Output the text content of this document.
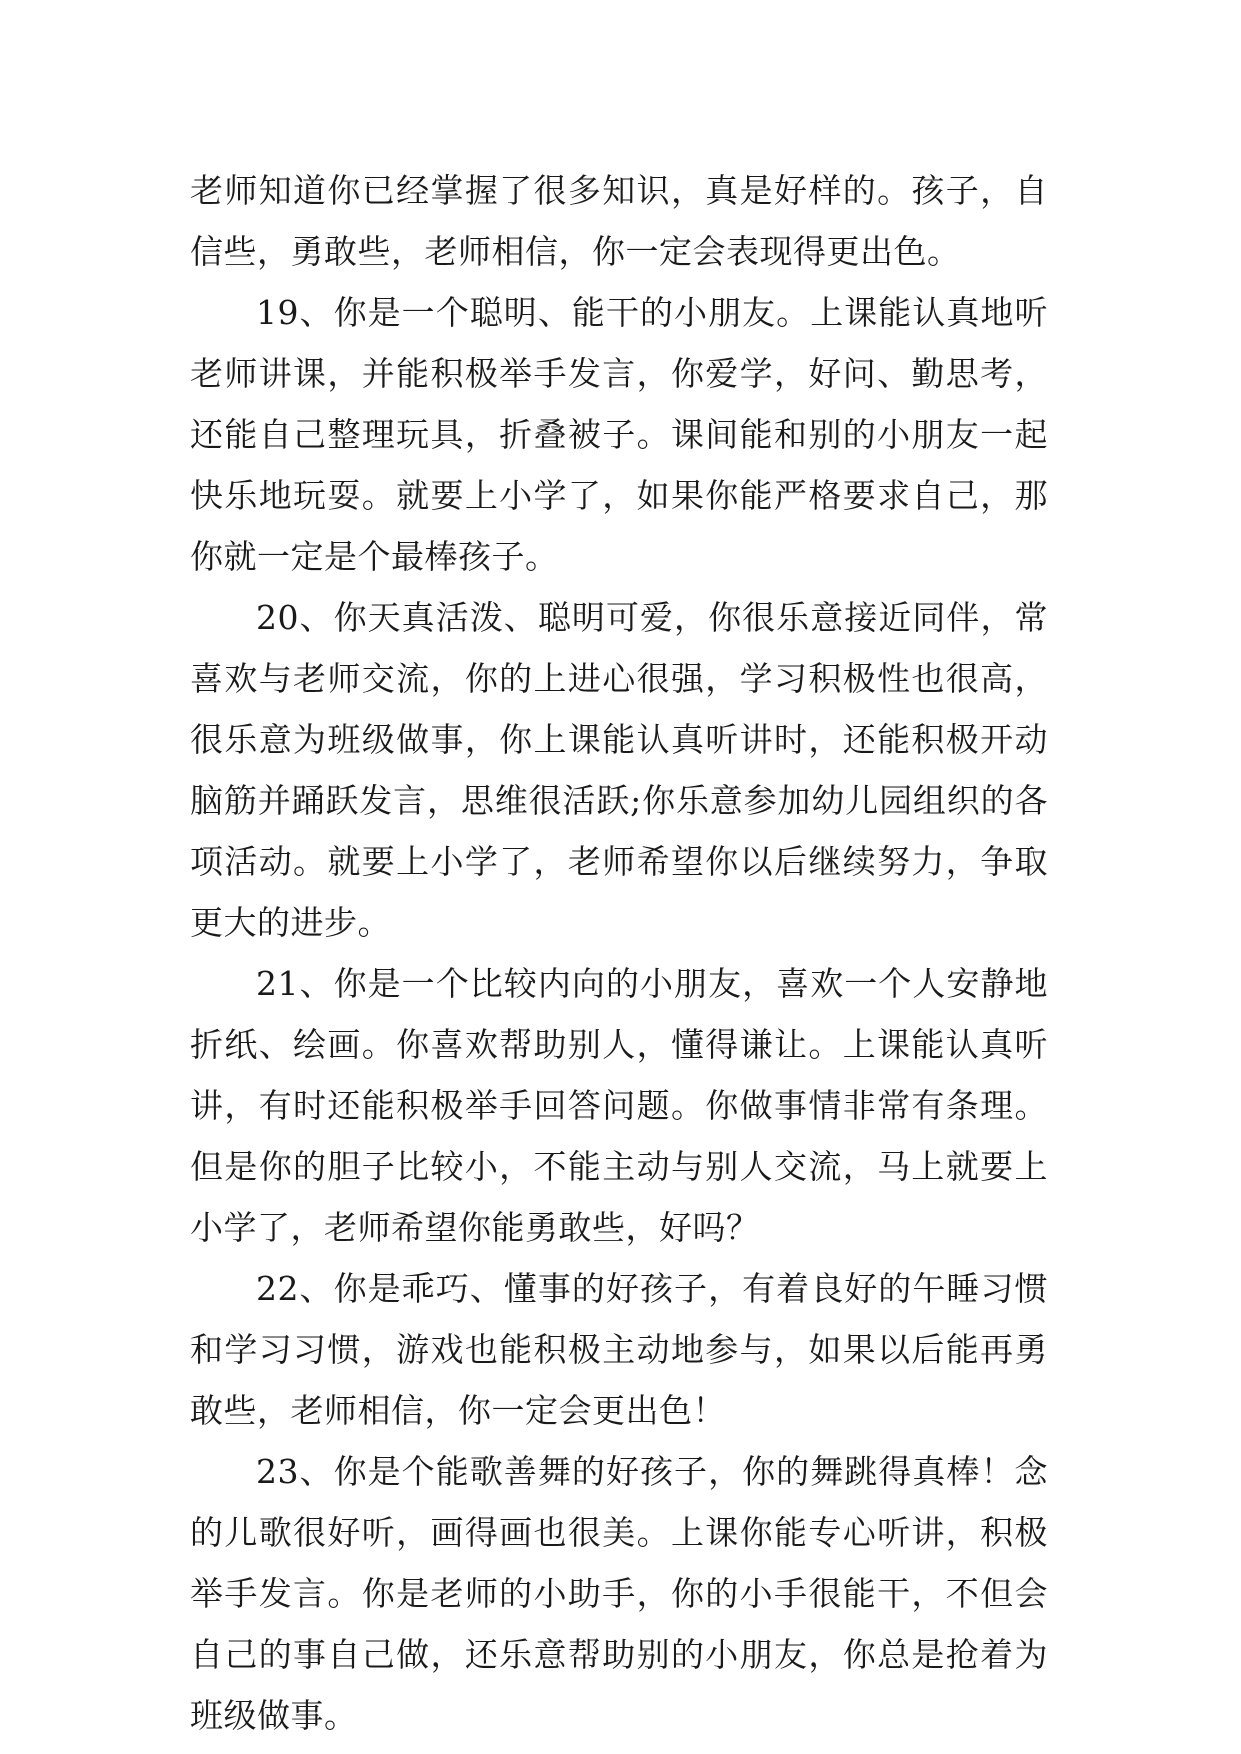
老师知道你已经掌握了很多知识，真是好样的。孩子，自信些，勇敢些，老师相信，你一定会表现得更出色。

19、你是一个聪明、能干的小朋友。上课能认真地听老师讲课，并能积极举手发言，你爱学，好问、勤思考，还能自己整理玩具，折叠被子。课间能和别的小朋友一起快乐地玩耍。就要上小学了，如果你能严格要求自己，那你就一定是个最棒孩子。

20、你天真活泼、聪明可爱，你很乐意接近同伴，常喜欢与老师交流，你的上进心很强，学习积极性也很高，很乐意为班级做事，你上课能认真听讲时，还能积极开动脑筋并踊跃发言，思维很活跃;你乐意参加幼儿园组织的各项活动。就要上小学了，老师希望你以后继续努力，争取更大的进步。

21、你是一个比较内向的小朋友，喜欢一个人安静地折纸、绘画。你喜欢帮助别人，懂得谦让。上课能认真听讲，有时还能积极举手回答问题。你做事情非常有条理。但是你的胆子比较小，不能主动与别人交流，马上就要上小学了，老师希望你能勇敢些，好吗？

22、你是乖巧、懂事的好孩子，有着良好的午睡习惯和学习习惯，游戏也能积极主动地参与，如果以后能再勇敢些，老师相信，你一定会更出色！

23、你是个能歌善舞的好孩子，你的舞跳得真棒！念的儿歌很好听，画得画也很美。上课你能专心听讲，积极举手发言。你是老师的小助手，你的小手很能干，不但会自己的事自己做，还乐意帮助别的小朋友，你总是抢着为班级做事。
